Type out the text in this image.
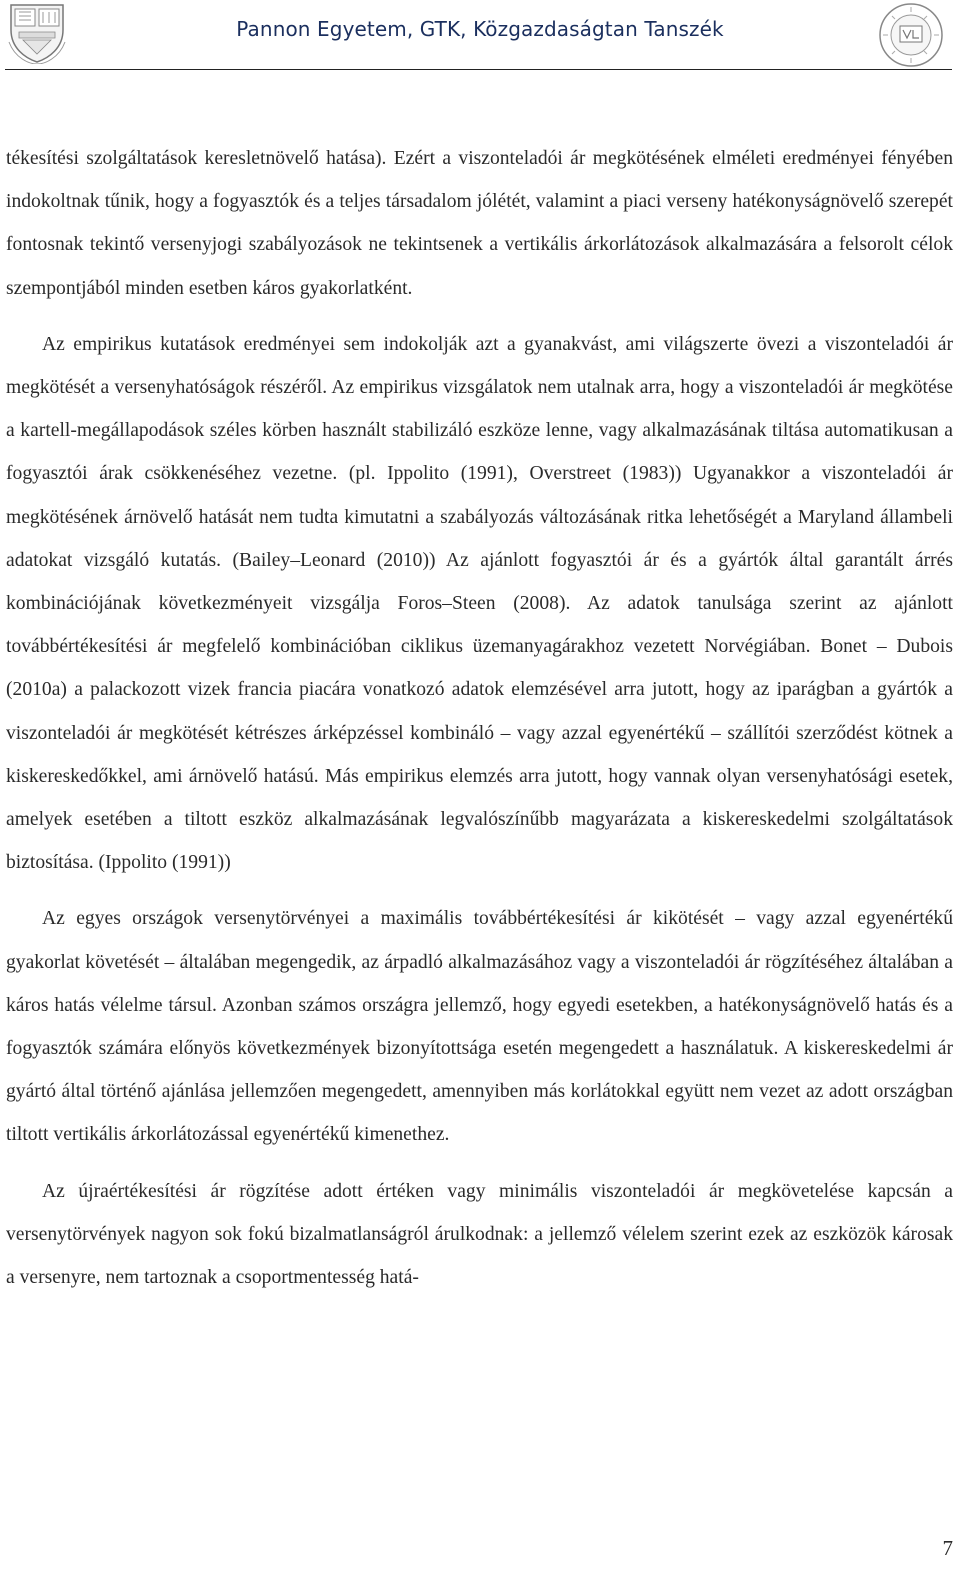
Pannon Egyetem, GTK, Közgazdaságtan Tanszék

tékesítési szolgáltatások keresletnövelő hatása). Ezért a viszonteladói ár megkötésének elméleti eredményei fényében indokoltnak tűnik, hogy a fogyasztók és a teljes társadalom jólétét, valamint a piaci verseny hatékonyságnövelő szerepét fontosnak tekintő versenyjogi szabályozások ne tekintsenek a vertikális árkorlátozások alkalmazására a felsorolt célok szempontjából minden esetben káros gyakorlatként.

Az empirikus kutatások eredményei sem indokolják azt a gyanakvást, ami világszerte övezi a viszonteladói ár megkötését a versenyhatóságok részéről. Az empirikus vizsgálatok nem utalnak arra, hogy a viszonteladói ár megkötése a kartell-megállapodások széles körben használt stabilizáló eszköze lenne, vagy alkalmazásának tiltása automatikusan a fogyasztói árak csökkenéséhez vezetne. (pl. Ippolito (1991), Overstreet (1983)) Ugyanakkor a viszonteladói ár megkötésének árnövelő hatását nem tudta kimutatni a szabályozás változásának ritka lehetőségét a Maryland állambeli adatokat vizsgáló kutatás. (Bailey–Leonard (2010)) Az ajánlott fogyasztói ár és a gyártók által garantált árrés kombinációjának következményeit vizsgálja Foros–Steen (2008). Az adatok tanulsága szerint az ajánlott továbbértékesítési ár megfelelő kombinációban ciklikus üzemanyagárakhoz vezetett Norvégiában. Bonet – Dubois (2010a) a palackozott vizek francia piacára vonatkozó adatok elemzésével arra jutott, hogy az iparágban a gyártók a viszonteladói ár megkötését kétrészes árképzéssel kombináló – vagy azzal egyenértékű – szállítói szerződést kötnek a kiskereskedőkkel, ami árnövelő hatású. Más empirikus elemzés arra jutott, hogy vannak olyan versenyhatósági esetek, amelyek esetében a tiltott eszköz alkalmazásának legvalószínűbb magyarázata a kiskereskedelmi szolgáltatások biztosítása. (Ippolito (1991))

Az egyes országok versenytörvényei a maximális továbbértékesítési ár kikötését – vagy azzal egyenértékű gyakorlat követését – általában megengedik, az árpadló alkalmazásához vagy a viszonteladói ár rögzítéséhez általában a káros hatás vélelme társul. Azonban számos országra jellemző, hogy egyedi esetekben, a hatékonyságnövelő hatás és a fogyasztók számára előnyös következmények bizonyítottsága esetén megengedett a használatuk. A kiskereskedelmi ár gyártó által történő ajánlása jellemzően megengedett, amennyiben más korlátokkal együtt nem vezet az adott országban tiltott vertikális árkorlátozással egyenértékű kimenethez.

Az újraértékesítési ár rögzítése adott értéken vagy minimális viszonteladói ár megkövetelése kapcsán a versenytörvények nagyon sok fokú bizalmatlanságról árulkodnak: a jellemző vélelem szerint ezek az eszközök károsak a versenyre, nem tartoznak a csoportmentesség hatá-

7
